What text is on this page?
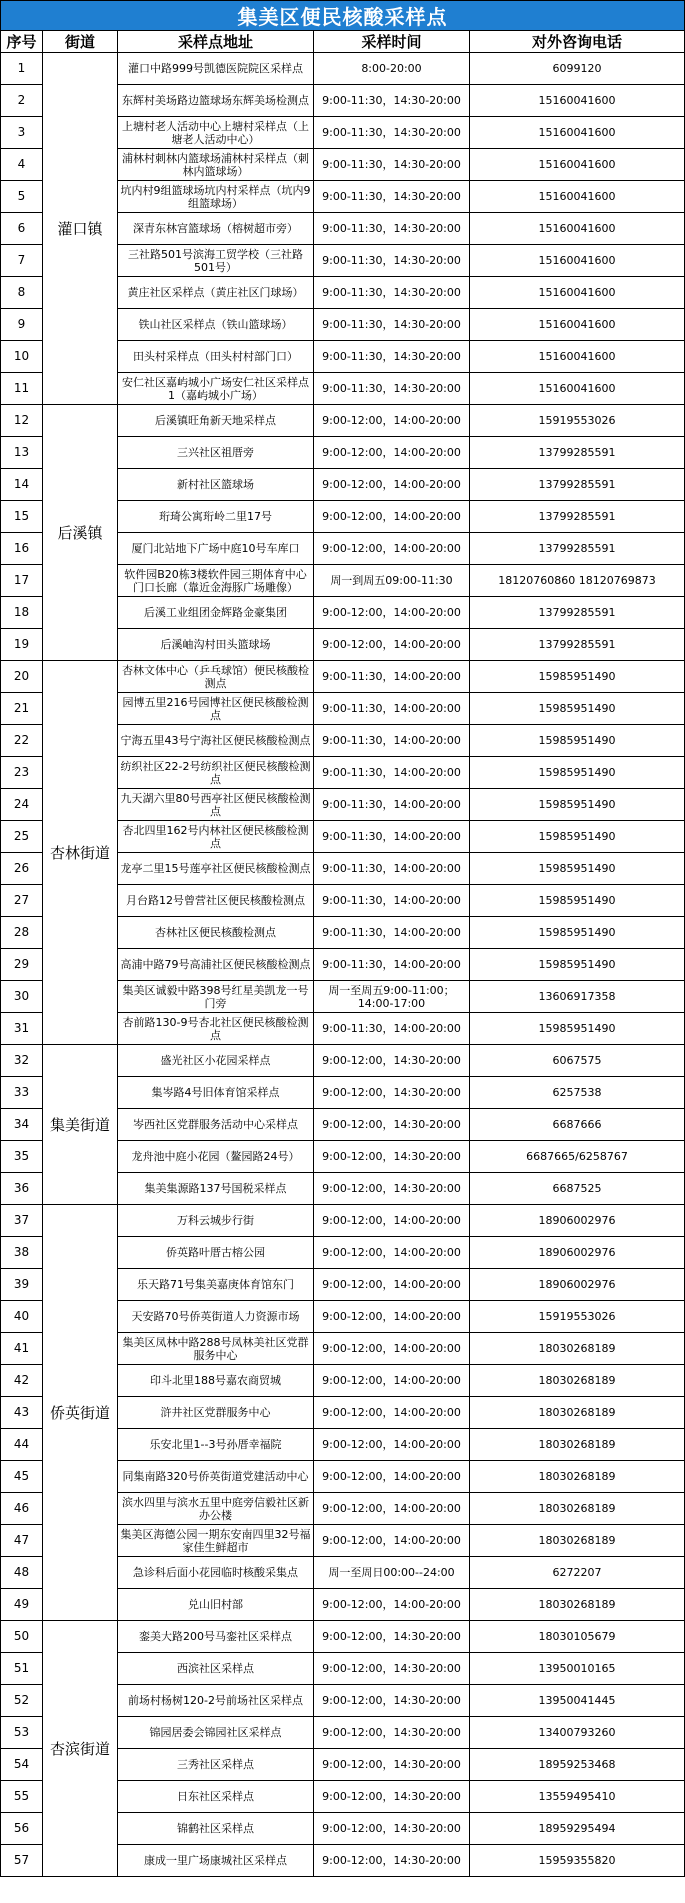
集美区便民核酸采样点				
序号	街道	采样点地址	采样时间	对外咨询电话
1	灌口镇	灌口中路999号凯德医院院区采样点	8:00-20:00	6099120
2		东辉村美场路边篮球场东辉美场检测点	9:00-11:30，14:30-20:00	15160041600
3		上塘村老人活动中心上塘村采样点（上塘老人活动中心）	9:00-11:30，14:30-20:00	15160041600
4		浦林村刺林内篮球场浦林村采样点（刺林内篮球场）	9:00-11:30，14:30-20:00	15160041600
5		坑内村9组篮球场坑内村采样点（坑内9组篮球场）	9:00-11:30，14:30-20:00	15160041600
6		深青东林宫篮球场（榕树超市旁）	9:00-11:30，14:30-20:00	15160041600
7		三社路501号滨海工贸学校（三社路501号）	9:00-11:30，14:30-20:00	15160041600
8		黄庄社区采样点（黄庄社区门球场）	9:00-11:30，14:30-20:00	15160041600
9		铁山社区采样点（铁山篮球场）	9:00-11:30，14:30-20:00	15160041600
10		田头村采样点（田头村村部门口）	9:00-11:30，14:30-20:00	15160041600
11		安仁社区嘉屿城小广场安仁社区采样点1（嘉屿城小广场）	9:00-11:30，14:30-20:00	15160041600
12	后溪镇	后溪镇旺角新天地采样点	9:00-12:00，14:00-20:00	15919553026
13		三兴社区祖厝旁	9:00-12:00，14:00-20:00	13799285591
14		新村社区篮球场	9:00-12:00，14:00-20:00	13799285591
15		珩琦公寓珩岭二里17号	9:00-12:00，14:00-20:00	13799285591
16		厦门北站地下广场中庭10号车库口	9:00-12:00，14:00-20:00	13799285591
17		软件园B20栋3楼软件园三期体育中心门口长廊（靠近金海豚广场雕像）	周一到周五09:00-11:30	18120760860 18120769873
18		后溪工业组团金辉路金豪集团	9:00-12:00，14:00-20:00	13799285591
19		后溪岫沟村田头篮球场	9:00-12:00，14:00-20:00	13799285591
20	杏林街道	杏林文体中心（乒乓球馆）便民核酸检测点	9:00-11:30，14:00-20:00	15985951490
21		园博五里216号园博社区便民核酸检测点	9:00-11:30，14:00-20:00	15985951490
22		宁海五里43号宁海社区便民核酸检测点	9:00-11:30，14:00-20:00	15985951490
23		纺织社区22-2号纺织社区便民核酸检测点	9:00-11:30，14:00-20:00	15985951490
24		九天湖六里80号西亭社区便民核酸检测点	9:00-11:30，14:00-20:00	15985951490
25		杏北四里162号内林社区便民核酸检测点	9:00-11:30，14:00-20:00	15985951490
26		龙亭二里15号莲亭社区便民核酸检测点	9:00-11:30，14:00-20:00	15985951490
27		月台路12号曾营社区便民核酸检测点	9:00-11:30，14:00-20:00	15985951490
28		杏林社区便民核酸检测点	9:00-11:30，14:00-20:00	15985951490
29		高浦中路79号高浦社区便民核酸检测点	9:00-11:30，14:00-20:00	15985951490
30		集美区诚毅中路398号红星美凯龙一号门旁	周一至周五9:00-11:00；14:00-17:00	13606917358
31		杏前路130-9号杏北社区便民核酸检测点	9:00-11:30，14:00-20:00	15985951490
32	集美街道	盛光社区小花园采样点	9:00-12:00，14:30-20:00	6067575
33		集岑路4号旧体育馆采样点	9:00-12:00，14:30-20:00	6257538
34		岑西社区党群服务活动中心采样点	9:00-12:00，14:30-20:00	6687666
35		龙舟池中庭小花园（鳌园路24号）	9:00-12:00，14:30-20:00	6687665/6258767
36		集美集源路137号国税采样点	9:00-12:00，14:30-20:00	6687525
37	侨英街道	万科云城步行街	9:00-12:00，14:00-20:00	18906002976
38		侨英路叶厝古榕公园	9:00-12:00，14:00-20:00	18906002976
39		乐天路71号集美嘉庚体育馆东门	9:00-12:00，14:00-20:00	18906002976
40		天安路70号侨英街道人力资源市场	9:00-12:00，14:00-20:00	15919553026
41		集美区凤林中路288号凤林美社区党群服务中心	9:00-12:00，14:00-20:00	18030268189
42		印斗北里188号嘉农商贸城	9:00-12:00，14:00-20:00	18030268189
43		浒井社区党群服务中心	9:00-12:00，14:00-20:00	18030268189
44		乐安北里1--3号孙厝幸福院	9:00-12:00，14:00-20:00	18030268189
45		同集南路320号侨英街道党建活动中心	9:00-12:00，14:00-20:00	18030268189
46		滨水四里与滨水五里中庭旁信毅社区新办公楼	9:00-12:00，14:00-20:00	18030268189
47		集美区海德公园一期东安南四里32号福家佳生鲜超市	9:00-12:00，14:00-20:00	18030268189
48		急诊科后面小花园临时核酸采集点	周一至周日00:00--24:00	6272207
49		兑山旧村部	9:00-12:00，14:00-20:00	18030268189
50	杏滨街道	銮美大路200号马銮社区采样点	9:00-12:00，14:30-20:00	18030105679
51		西滨社区采样点	9:00-12:00，14:30-20:00	13950010165
52		前场村杨树120-2号前场社区采样点	9:00-12:00，14:30-20:00	13950041445
53		锦园居委会锦园社区采样点	9:00-12:00，14:30-20:00	13400793260
54		三秀社区采样点	9:00-12:00，14:30-20:00	18959253468
55		日东社区采样点	9:00-12:00，14:30-20:00	13559495410
56		锦鹤社区采样点	9:00-12:00，14:30-20:00	18959295494
57		康成一里广场康城社区采样点	9:00-12:00，14:30-20:00	15959355820
